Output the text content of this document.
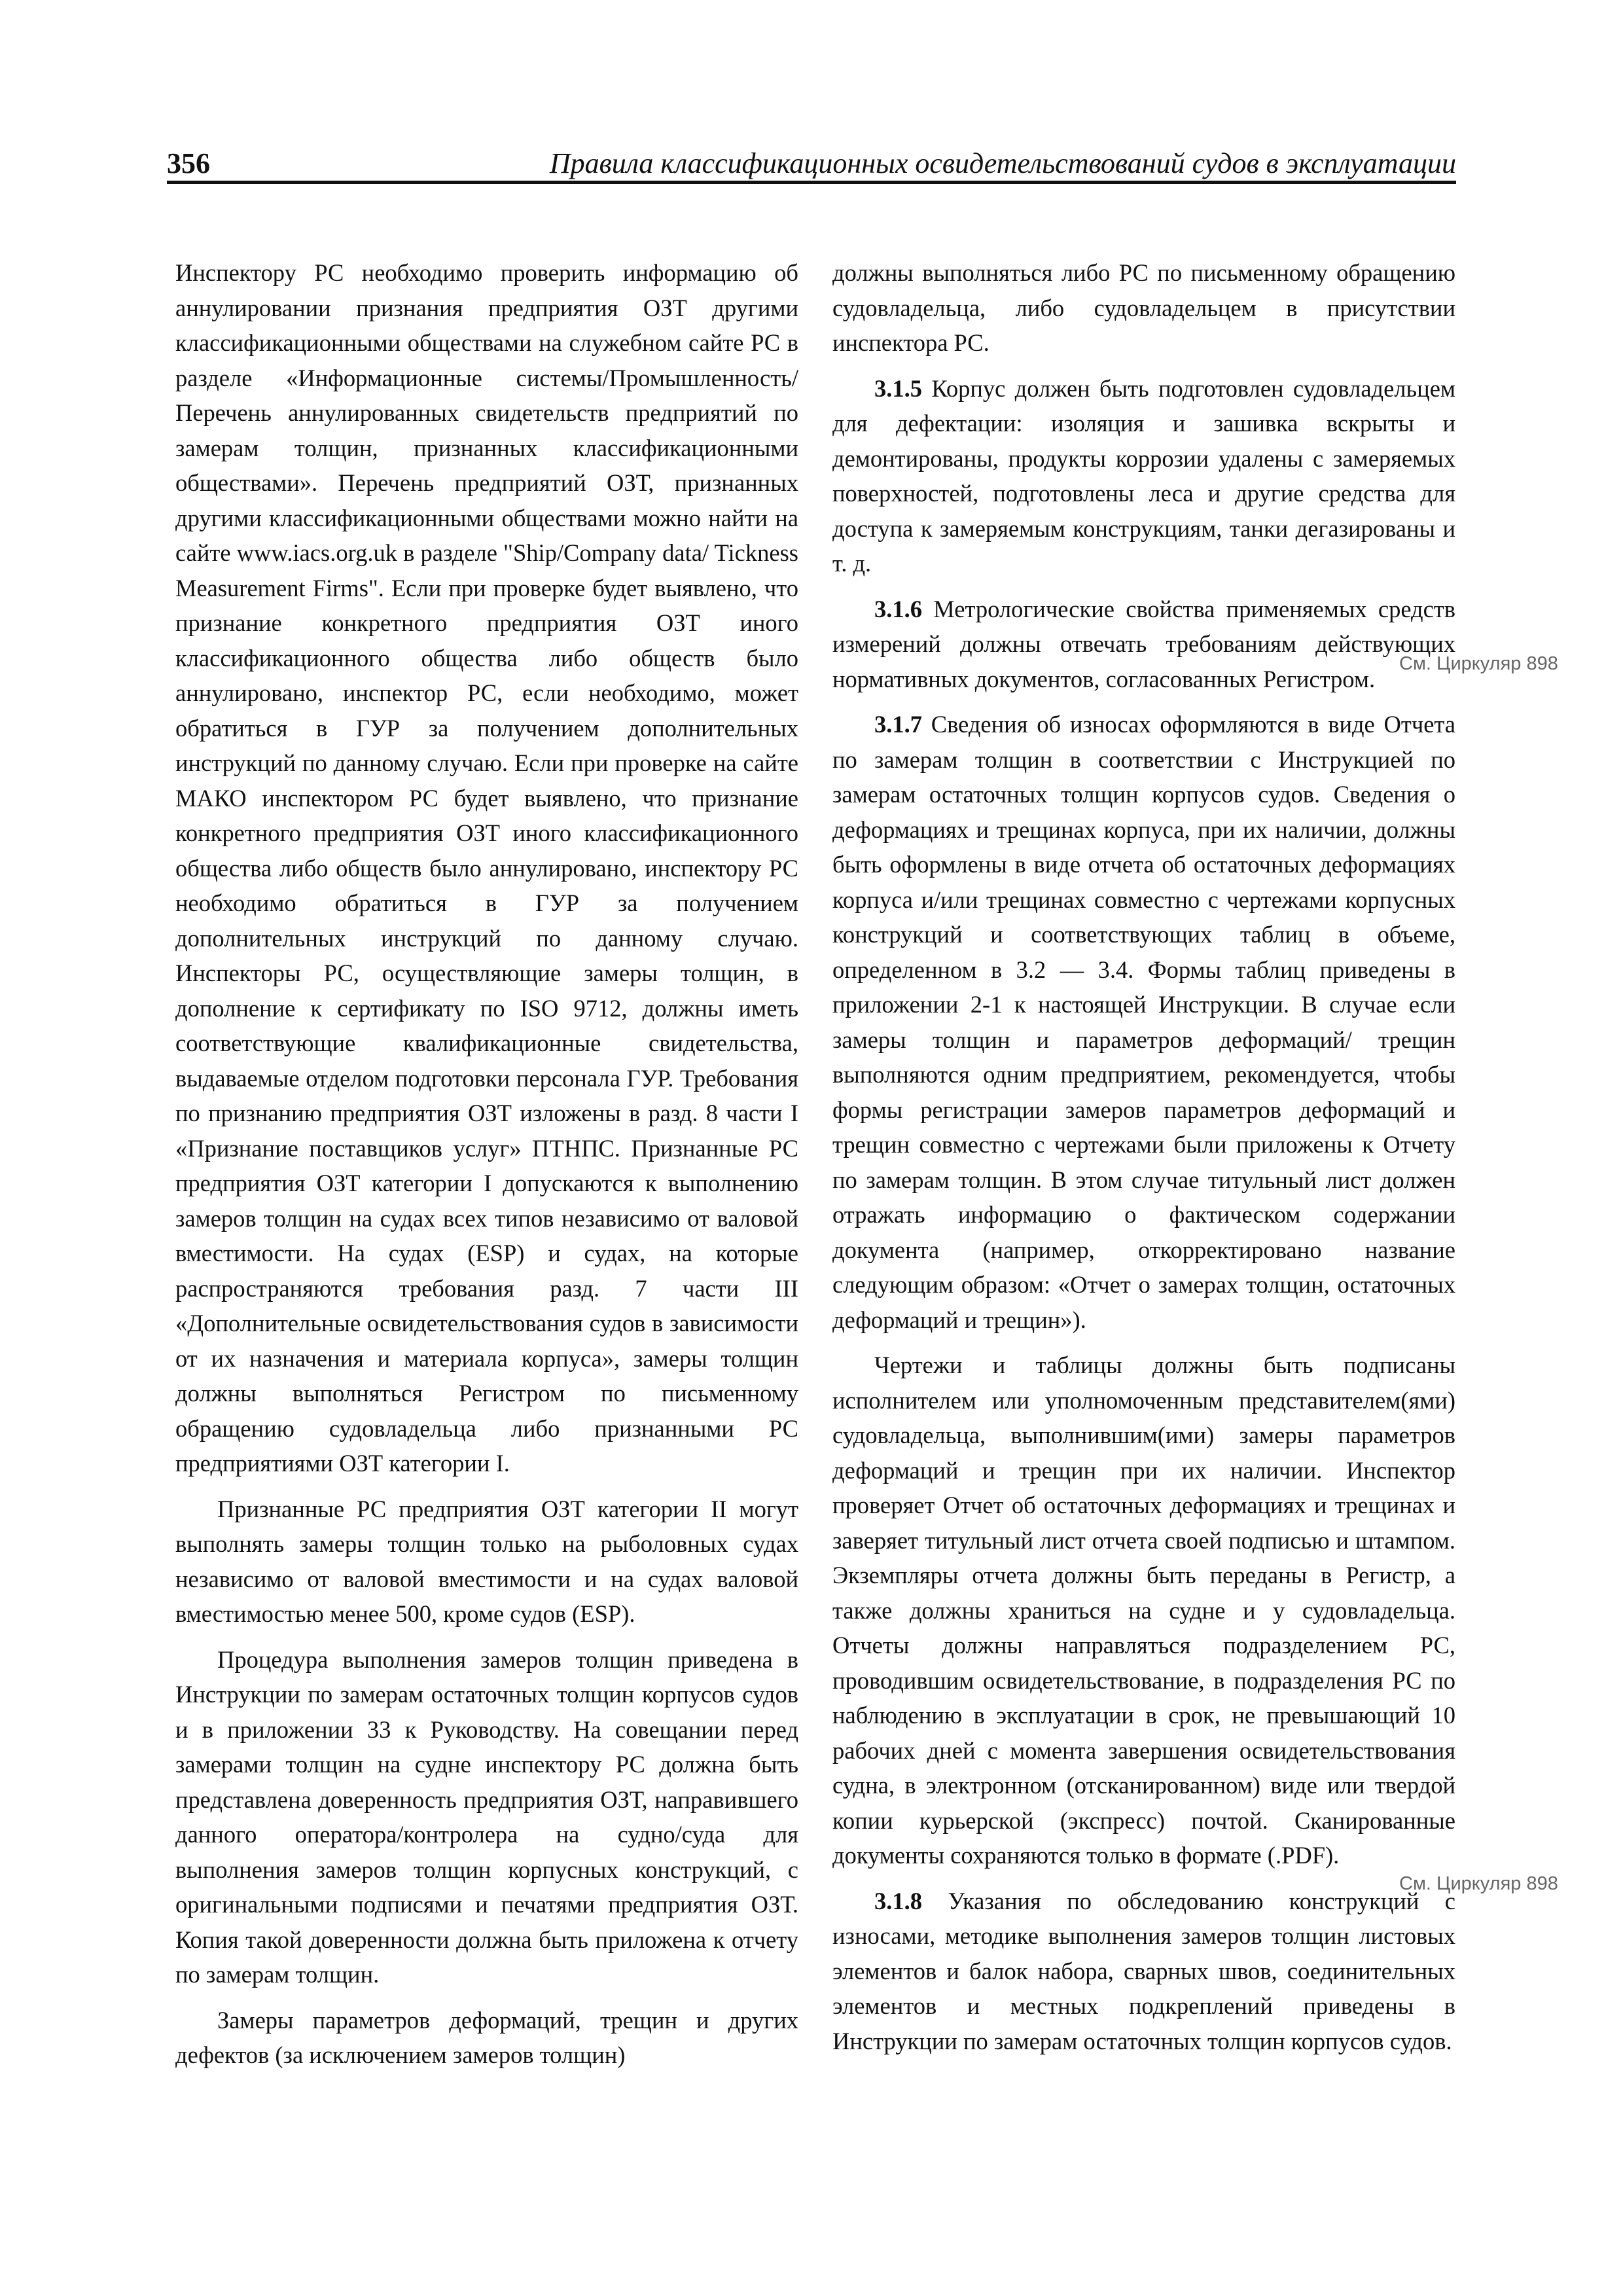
356	Правила классификационных освидетельствований судов в эксплуатации

Инспектору РС необходимо проверить информацию об аннулировании признания предприятия ОЗТ другими классификационными обществами на служебном сайте РС в разделе «Информационные системы/Промышленность/Перечень аннулированных свидетельств предприятий по замерам толщин, признанных классификационными обществами». Перечень предприятий ОЗТ, признанных другими классификационными обществами можно найти на сайте www.iacs.org.uk в разделе "Ship/Company data/ Tickness Measurement Firms". Если при проверке будет выявлено, что признание конкретного предприятия ОЗТ иного классификационного общества либо обществ было аннулировано, инспектор РС, если необходимо, может обратиться в ГУР за получением дополнительных инструкций по данному случаю. Если при проверке на сайте МАКО инспектором РС будет выявлено, что признание конкретного предприятия ОЗТ иного классификационного общества либо обществ было аннулировано, инспектору РС необходимо обратиться в ГУР за получением дополнительных инструкций по данному случаю. Инспекторы РС, осуществляющие замеры толщин, в дополнение к сертификату по ISO 9712, должны иметь соответствующие квалификационные свидетельства, выдаваемые отделом подготовки персонала ГУР. Требования по признанию предприятия ОЗТ изложены в разд. 8 части I «Признание поставщиков услуг» ПТНПС. Признанные РС предприятия ОЗТ категории I допускаются к выполнению замеров толщин на судах всех типов независимо от валовой вместимости. На судах (ESP) и судах, на которые распространяются требования разд. 7 части III «Дополнительные освидетельствования судов в зависимости от их назначения и материала корпуса», замеры толщин должны выполняться Регистром по письменному обращению судовладельца либо признанными РС предприятиями ОЗТ категории I.

Признанные РС предприятия ОЗТ категории II могут выполнять замеры толщин только на рыболовных судах независимо от валовой вместимости и на судах валовой вместимостью менее 500, кроме судов (ESP).

Процедура выполнения замеров толщин приведена в Инструкции по замерам остаточных толщин корпусов судов и в приложении 33 к Руководству. На совещании перед замерами толщин на судне инспектору РС должна быть представлена доверенность предприятия ОЗТ, направившего данного оператора/контролера на судно/суда для выполнения замеров толщин корпусных конструкций, с оригинальными подписями и печатями предприятия ОЗТ. Копия такой доверенности должна быть приложена к отчету по замерам толщин.

Замеры параметров деформаций, трещин и других дефектов (за исключением замеров толщин)

должны выполняться либо РС по письменному обращению судовладельца, либо судовладельцем в присутствии инспектора РС.

3.1.5 Корпус должен быть подготовлен судовладельцем для дефектации: изоляция и зашивка вскрыты и демонтированы, продукты коррозии удалены с замеряемых поверхностей, подготовлены леса и другие средства для доступа к замеряемым конструкциям, танки дегазированы и т. д.

3.1.6 Метрологические свойства применяемых средств измерений должны отвечать требованиям действующих нормативных документов, согласованных Регистром.

3.1.7 Сведения об износах оформляются в виде Отчета по замерам толщин в соответствии с Инструкцией по замерам остаточных толщин корпусов судов. Сведения о деформациях и трещинах корпуса, при их наличии, должны быть оформлены в виде отчета об остаточных деформациях корпуса и/или трещинах совместно с чертежами корпусных конструкций и соответствующих таблиц в объеме, определенном в 3.2 — 3.4. Формы таблиц приведены в приложении 2-1 к настоящей Инструкции. В случае если замеры толщин и параметров деформаций/ трещин выполняются одним предприятием, рекомендуется, чтобы формы регистрации замеров параметров деформаций и трещин совместно с чертежами были приложены к Отчету по замерам толщин. В этом случае титульный лист должен отражать информацию о фактическом содержании документа (например, откорректировано название следующим образом: «Отчет о замерах толщин, остаточных деформаций и трещин»).

Чертежи и таблицы должны быть подписаны исполнителем или уполномоченным представителем(ями) судовладельца, выполнившим(ими) замеры параметров деформаций и трещин при их наличии. Инспектор проверяет Отчет об остаточных деформациях и трещинах и заверяет титульный лист отчета своей подписью и штампом. Экземпляры отчета должны быть переданы в Регистр, а также должны храниться на судне и у судовладельца. Отчеты должны направляться подразделением РС, проводившим освидетельствование, в подразделения РС по наблюдению в эксплуатации в срок, не превышающий 10 рабочих дней с момента завершения освидетельствования судна, в электронном (отсканированном) виде или твердой копии курьерской (экспресс) почтой. Сканированные документы сохраняются только в формате (.PDF).

3.1.8 Указания по обследованию конструкций с износами, методике выполнения замеров толщин листовых элементов и балок набора, сварных швов, соединительных элементов и местных подкреплений приведены в Инструкции по замерам остаточных толщин корпусов судов.

См. Циркуляр 898
См. Циркуляр 898
